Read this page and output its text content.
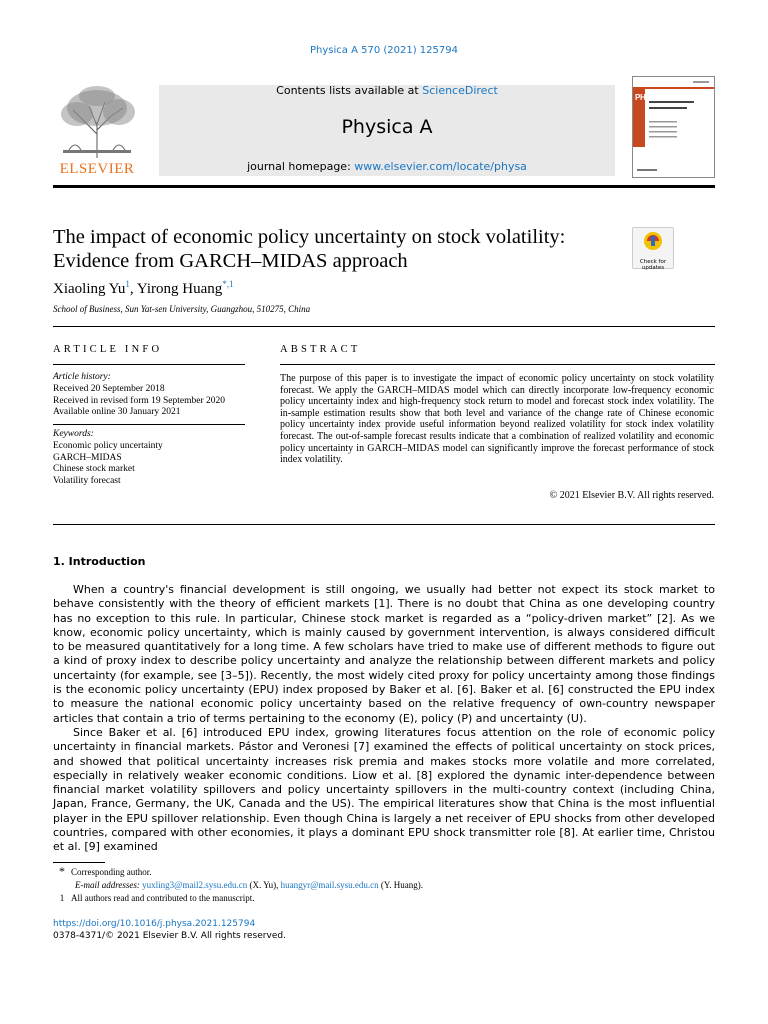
Physica A 570 (2021) 125794
ELSEVIER
Contents lists available at ScienceDirect
Physica A
journal homepage: www.elsevier.com/locate/physa
PHYSICA
The impact of economic policy uncertainty on stock volatility:
Evidence from GARCH–MIDAS approach	Check for updates
Xiaoling Yu$^1$, Yirong Huang$^{*,1}$
School of Business, Sun Yat-sen University, Guangzhou, 510275, China
ARTICLE INFO
Article history:
Received 20 September 2018
Received in revised form 19 September 2020
Available online 30 January 2021
Keywords:
Economic policy uncertainty
GARCH–MIDAS
Chinese stock market
Volatility forecast
ABSTRACT
The purpose of this paper is to investigate the impact of economic policy uncertainty on stock volatility forecast. We apply the GARCH–MIDAS model which can directly incorporate low-frequency economic policy uncertainty index and high-frequency stock return to model and forecast stock index volatility. The in-sample estimation results show that both level and variance of the change rate of Chinese economic policy uncertainty index provide useful information beyond realized volatility for stock index volatility forecast. The out-of-sample forecast results indicate that a combination of realized volatility and economic policy uncertainty in GARCH–MIDAS model can significantly improve the forecast performance of stock index volatility.
© 2021 Elsevier B.V. All rights reserved.
1. Introduction

When a country's financial development is still ongoing, we usually had better not expect its stock market to behave consistently with the theory of efficient markets [1]. There is no doubt that China as one developing country has no exception to this rule. In particular, Chinese stock market is regarded as a “policy-driven market” [2]. As we know, economic policy uncertainty, which is mainly caused by government intervention, is always considered difficult to be measured quantitatively for a long time. A few scholars have tried to make use of different methods to figure out a kind of proxy index to describe policy uncertainty and analyze the relationship between different markets and policy uncertainty (for example, see [3–5]). Recently, the most widely cited proxy for policy uncertainty among those findings is the economic policy uncertainty (EPU) index proposed by Baker et al. [6]. Baker et al. [6] constructed the EPU index to measure the national economic policy uncertainty based on the relative frequency of own-country newspaper articles that contain a trio of terms pertaining to the economy (E), policy (P) and uncertainty (U).

Since Baker et al. [6] introduced EPU index, growing literatures focus attention on the role of economic policy uncertainty in financial markets. Pástor and Veronesi [7] examined the effects of political uncertainty on stock prices, and showed that political uncertainty increases risk premia and makes stocks more volatile and more correlated, especially in relatively weaker economic conditions. Liow et al. [8] explored the dynamic inter-dependence between financial market volatility spillovers and policy uncertainty spillovers in the multi-country context (including China, Japan, France, Germany, the UK, Canada and the US). The empirical literatures show that China is the most influential player in the EPU spillover relationship. Even though China is largely a net receiver of EPU shocks from other developed countries, compared with other economies, it plays a dominant EPU shock transmitter role [8]. At earlier time, Christou et al. [9] examined

* Corresponding author.
E-mail addresses: yuxling3@mail2.sysu.edu.cn (X. Yu), huangyr@mail.sysu.edu.cn (Y. Huang).
1 All authors read and contributed to the manuscript.
https://doi.org/10.1016/j.physa.2021.125794
0378-4371/© 2021 Elsevier B.V. All rights reserved.
